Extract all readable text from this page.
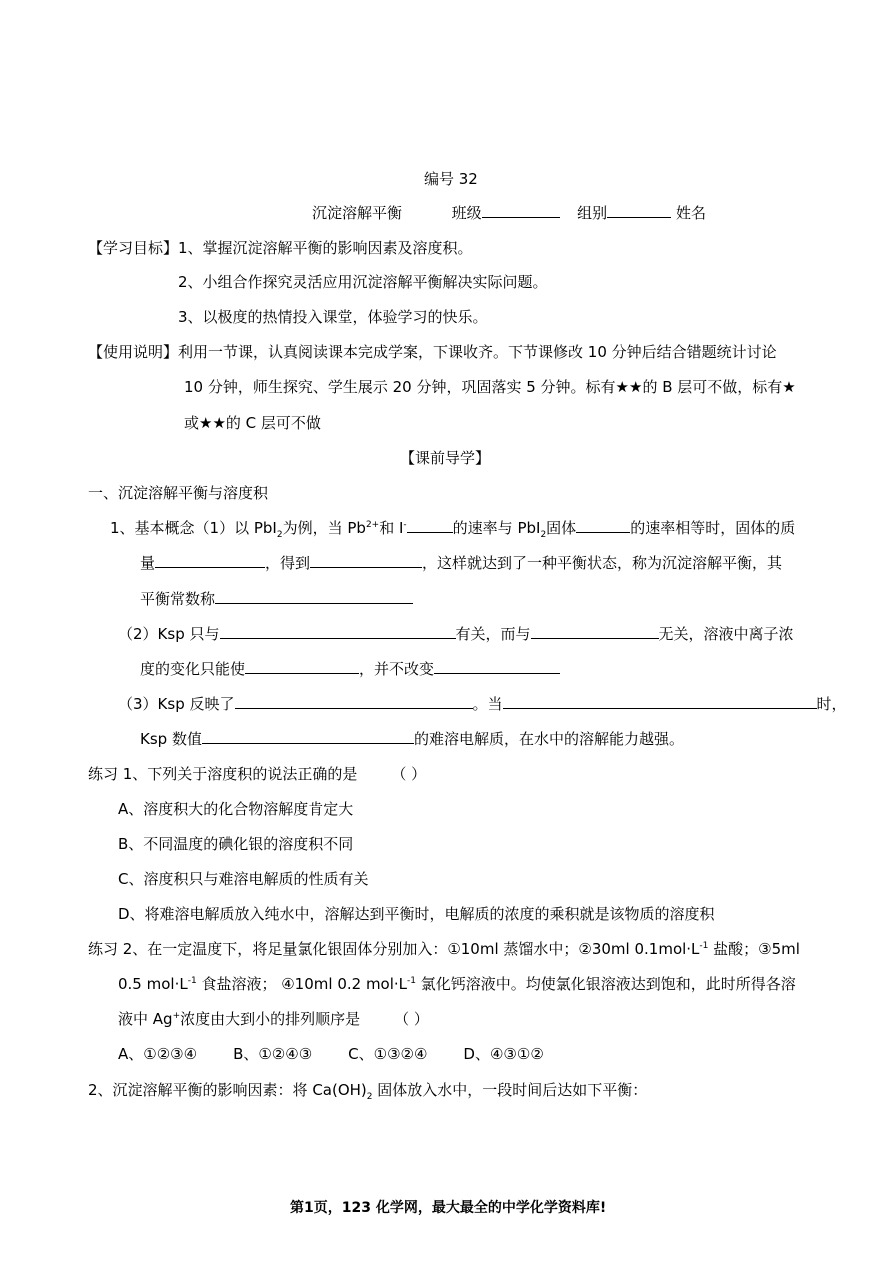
编号 32
沉淀溶解平衡	班级	组别	姓名
【学习目标】1、掌握沉淀溶解平衡的影响因素及溶度积。
2、小组合作探究灵活应用沉淀溶解平衡解决实际问题。
3、以极度的热情投入课堂，体验学习的快乐。
【使用说明】利用一节课，认真阅读课本完成学案，下课收齐。下节课修改 10 分钟后结合错题统计讨论
10 分钟，师生探究、学生展示 20 分钟，巩固落实 5 分钟。标有★★的 B 层可不做，标有★
或★★的 C 层可不做
【课前导学】
一、沉淀溶解平衡与溶度积
1、基本概念（1）以 PbI$_2$为例，当 $Pb^{2+}$和 I-	的速率与 PbI$_2$固体	的速率相等时，固体的质
量	，得到	，这样就达到了一种平衡状态，称为沉淀溶解平衡，其
平衡常数称
（2）Ksp 只与	有关，而与	无关，溶液中离子浓
度的变化只能使	，并不改变
（3）Ksp 反映了	。当	时，
Ksp 数值	的难溶电解质，在水中的溶解能力越强。
练习 1、下列关于溶度积的说法正确的是 （ ）
A、溶度积大的化合物溶解度肯定大
B、不同温度的碘化银的溶度积不同
C、溶度积只与难溶电解质的性质有关
D、将难溶电解质放入纯水中，溶解达到平衡时，电解质的浓度的乘积就是该物质的溶度积
练习 2、在一定温度下，将足量氯化银固体分别加入：①10ml 蒸馏水中；②30ml $0.1mol\cdot L^{-1}$ 盐酸；③5ml
0.5 $mol\cdot L^{-1}$ 食盐溶液； ④10ml 0.2 $mol\cdot L^{-1}$ 氯化钙溶液中。均使氯化银溶液达到饱和，此时所得各溶
液中 Ag+浓度由大到小的排列顺序是 （ ）
A、①②③④ B、①②④③ C、①③②④ D、④③①②
2、沉淀溶解平衡的影响因素：将 $Ca(OH)_2$ 固体放入水中，一段时间后达如下平衡：
第1页，123 化学网，最大最全的中学化学资料库!
